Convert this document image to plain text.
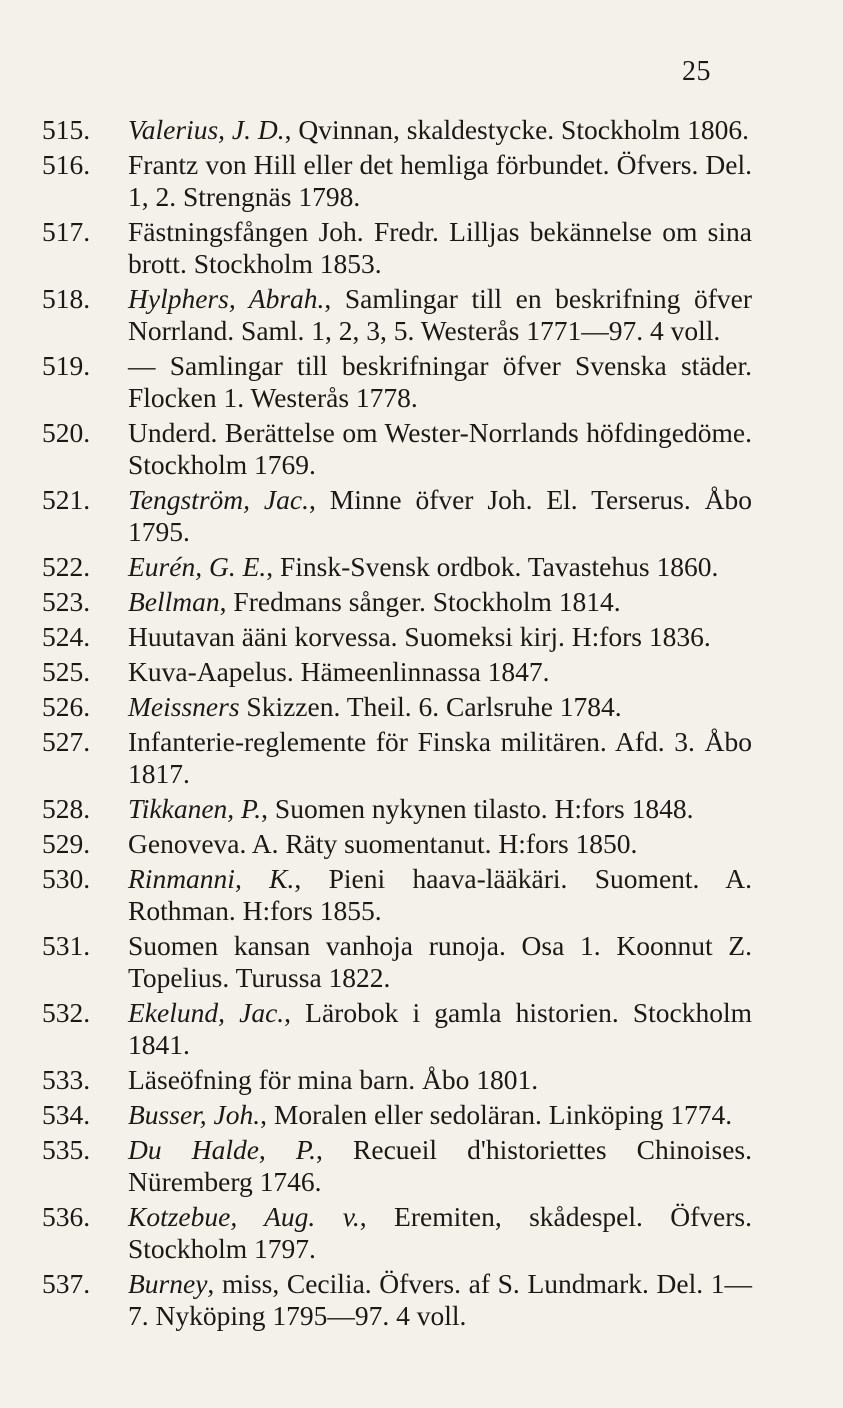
25
515.	Valerius, J. D., Qvinnan, skaldestycke. Stockholm 1806.
516.	Frantz von Hill eller det hemliga förbundet. Öfvers. Del. 1, 2. Strengnäs 1798.
517.	Fästningsfången Joh. Fredr. Lilljas bekännelse om sina brott. Stockholm 1853.
518.	Hylphers, Abrah., Samlingar till en beskrifning öfver Norrland. Saml. 1, 2, 3, 5. Westerås 1771—97. 4 voll.
519.	— Samlingar till beskrifningar öfver Svenska städer. Flocken 1. Westerås 1778.
520.	Underd. Berättelse om Wester-Norrlands höfdingedöme. Stockholm 1769.
521.	Tengström, Jac., Minne öfver Joh. El. Terserus. Åbo 1795.
522.	Eurén, G. E., Finsk-Svensk ordbok. Tavastehus 1860.
523.	Bellman, Fredmans sånger. Stockholm 1814.
524.	Huutavan ääni korvessa. Suomeksi kirj. H:fors 1836.
525.	Kuva-Aapelus. Hämeenlinnassa 1847.
526.	Meissners Skizzen. Theil. 6. Carlsruhe 1784.
527.	Infanterie-reglemente för Finska militären. Afd. 3. Åbo 1817.
528.	Tikkanen, P., Suomen nykynen tilasto. H:fors 1848.
529.	Genoveva. A. Räty suomentanut. H:fors 1850.
530.	Rinmanni, K., Pieni haava-lääkäri. Suoment. A. Rothman. H:fors 1855.
531.	Suomen kansan vanhoja runoja. Osa 1. Koonnut Z. Topelius. Turussa 1822.
532.	Ekelund, Jac., Lärobok i gamla historien. Stockholm 1841.
533.	Läseöfning för mina barn. Åbo 1801.
534.	Busser, Joh., Moralen eller sedoläran. Linköping 1774.
535.	Du Halde, P., Recueil d'historiettes Chinoises. Nüremberg 1746.
536.	Kotzebue, Aug. v., Eremiten, skådespel. Öfvers. Stockholm 1797.
537.	Burney, miss, Cecilia. Öfvers. af S. Lundmark. Del. 1—7. Nyköping 1795—97. 4 voll.
